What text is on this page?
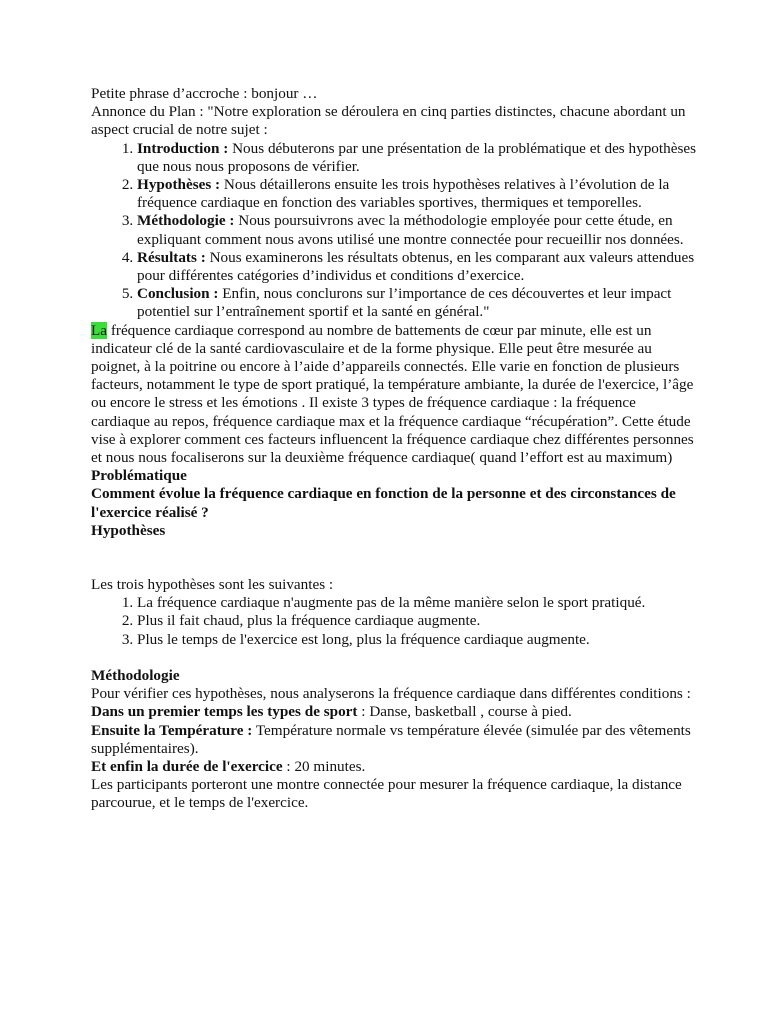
Petite phrase d’accroche : bonjour …

Annonce du Plan : "Notre exploration se déroulera en cinq parties distinctes, chacune abordant un aspect crucial de notre sujet :

1. Introduction : Nous débuterons par une présentation de la problématique et des hypothèses que nous nous proposons de vérifier.
2. Hypothèses : Nous détaillerons ensuite les trois hypothèses relatives à l’évolution de la fréquence cardiaque en fonction des variables sportives, thermiques et temporelles.
3. Méthodologie : Nous poursuivrons avec la méthodologie employée pour cette étude, en expliquant comment nous avons utilisé une montre connectée pour recueillir nos données.
4. Résultats : Nous examinerons les résultats obtenus, en les comparant aux valeurs attendues pour différentes catégories d’individus et conditions d’exercice.
5. Conclusion : Enfin, nous conclurons sur l’importance de ces découvertes et leur impact potentiel sur l’entraînement sportif et la santé en général."

La fréquence cardiaque correspond au nombre de battements de cœur par minute, elle est un indicateur clé de la santé cardiovasculaire et de la forme physique. Elle peut être mesurée au poignet, à la poitrine ou encore à l’aide d’appareils connectés. Elle varie en fonction de plusieurs facteurs, notamment le type de sport pratiqué, la température ambiante, la durée de l'exercice, l’âge ou encore le stress et les émotions . Il existe 3 types de fréquence cardiaque : la fréquence cardiaque au repos, fréquence cardiaque max et la fréquence cardiaque “récupération”. Cette étude vise à explorer comment ces facteurs influencent la fréquence cardiaque chez différentes personnes et nous nous focaliserons sur la deuxième fréquence cardiaque( quand l’effort est au maximum)

Problématique

Comment évolue la fréquence cardiaque en fonction de la personne et des circonstances de l'exercice réalisé ?

Hypothèses

Les trois hypothèses sont les suivantes :

1. La fréquence cardiaque n'augmente pas de la même manière selon le sport pratiqué.
2. Plus il fait chaud, plus la fréquence cardiaque augmente.
3. Plus le temps de l'exercice est long, plus la fréquence cardiaque augmente.

Méthodologie

Pour vérifier ces hypothèses, nous analyserons la fréquence cardiaque dans différentes conditions :

Dans un premier temps les types de sport : Danse, basketball , course à pied.

Ensuite la Température : Température normale vs température élevée (simulée par des vêtements supplémentaires).

Et enfin la durée de l'exercice : 20 minutes.

Les participants porteront une montre connectée pour mesurer la fréquence cardiaque, la distance parcourue, et le temps de l'exercice.
